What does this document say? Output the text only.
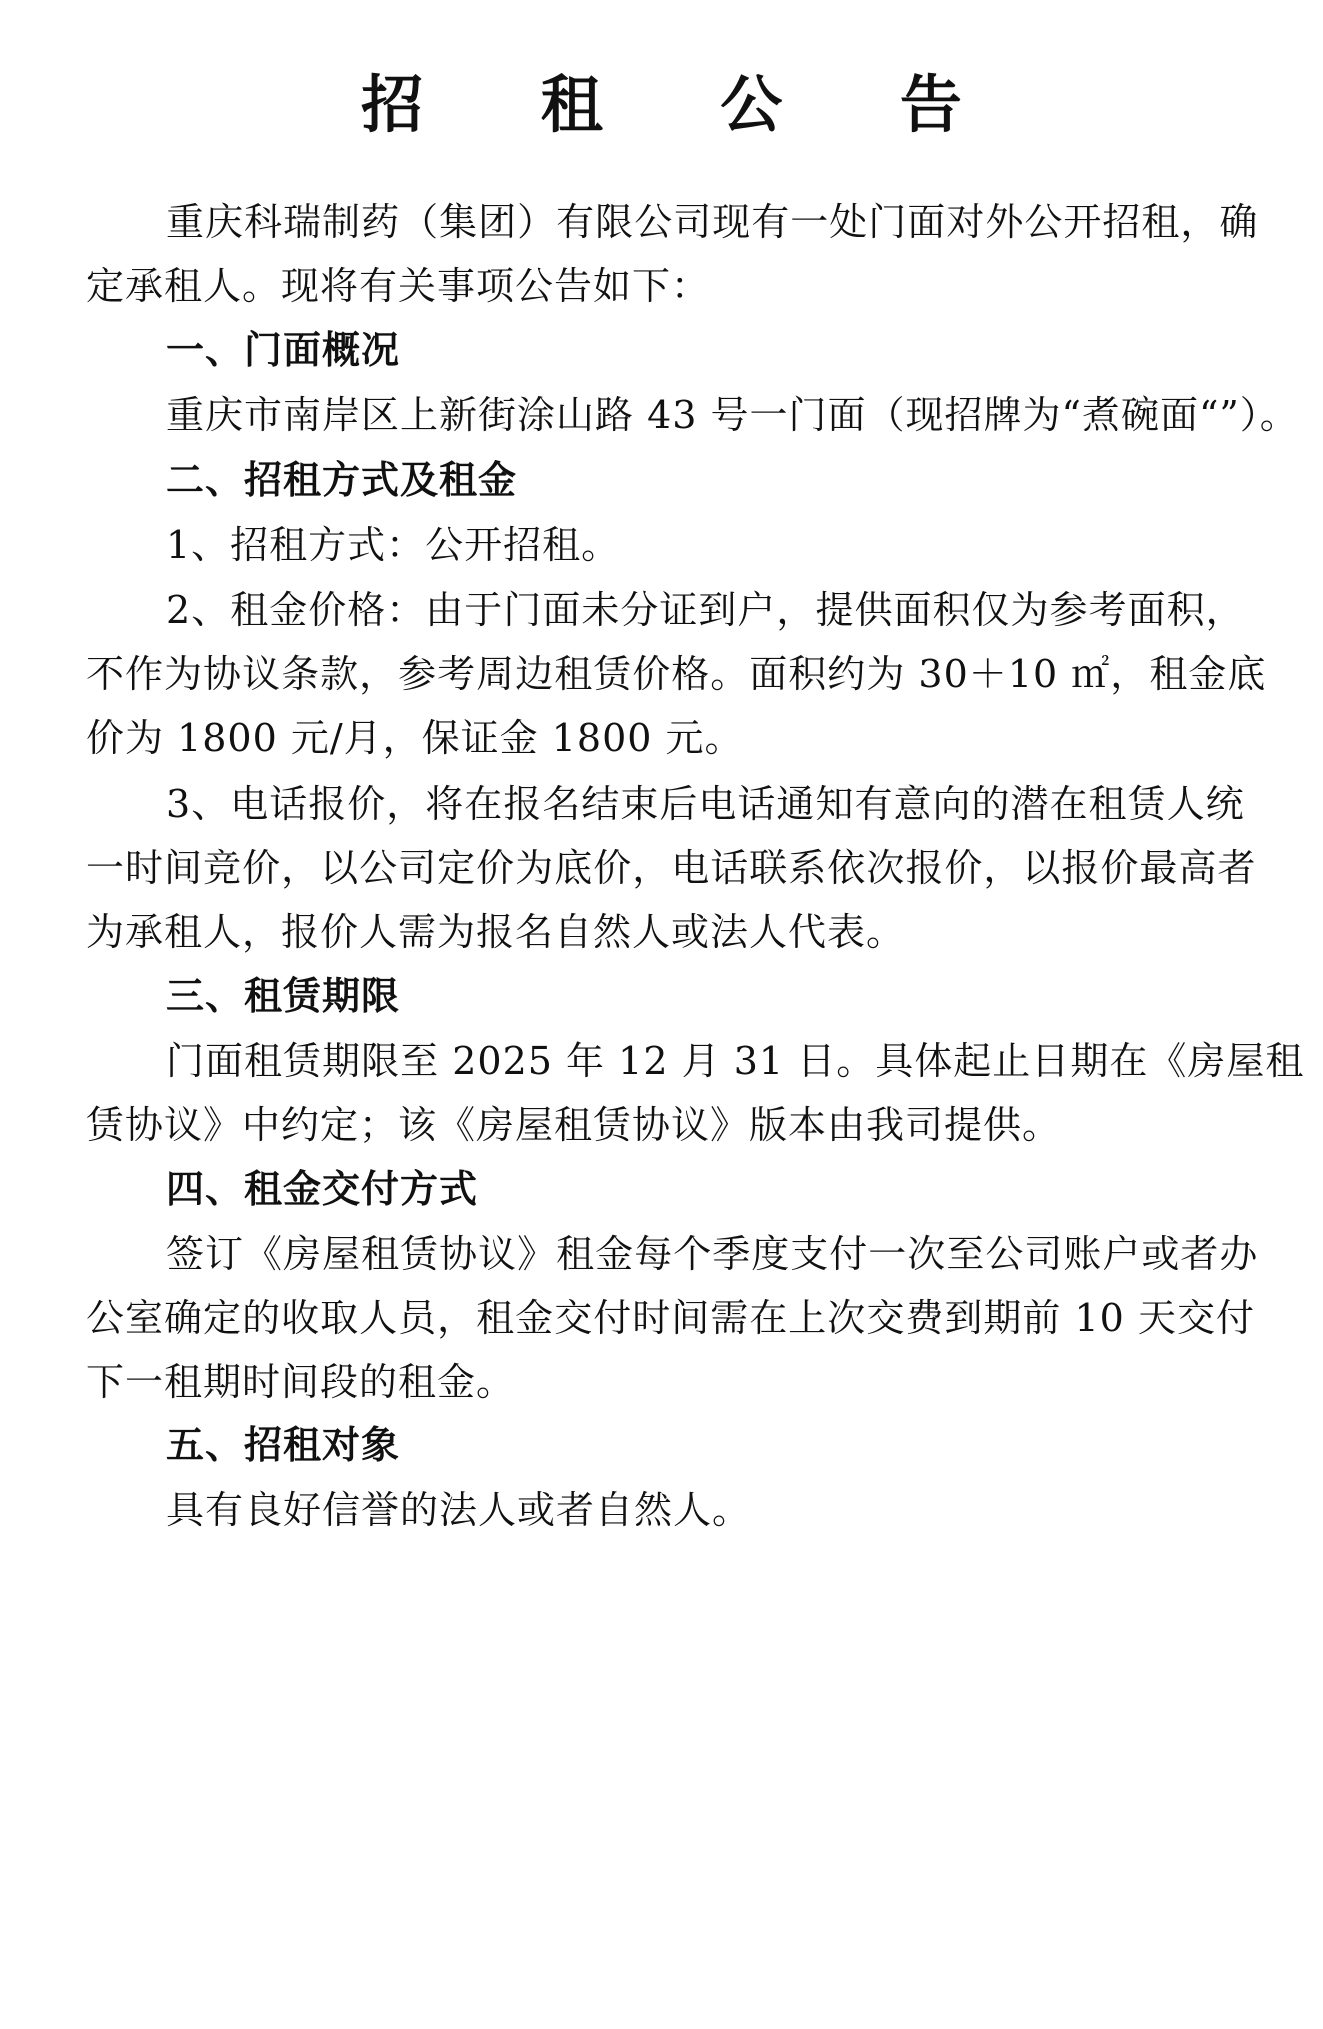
招 租 公 告
重 庆 科 瑞 制 药 （ 集 团 ） 有 限 公 司 现 有 一 处 门 面 对 外 公 开 招 租 ， 确
定承租人。现将有关事项公告如下：
一、门面概况
重庆市南岸区上新街涂山路 43 号一门面（现招牌为“煮碗面“”）。
二、招租方式及租金
1、招租方式：公开招租。
2 、 租 金 价 格 ： 由 于 门 面 未 分 证 到 户 ， 提 供 面 积 仅 为 参 考 面 积 ，
不 作 为 协 议 条 款 ， 参 考 周 边 租 赁 价 格 。 面 积 约 为
3 0 ＋ 1 0
㎡ ， 租 金 底
价为 1800 元/月，保证金 1800 元。
3 、 电 话 报 价 ， 将 在 报 名 结 束 后 电 话 通 知 有 意 向 的 潜 在 租 赁 人 统
一 时 间 竞 价 ， 以 公 司 定 价 为 底 价 ， 电 话 联 系 依 次 报 价 ， 以 报 价 最 高 者
为承租人，报价人需为报名自然人或法人代表。
三、租赁期限
门 面 租 赁 期 限 至
2 0 2 5
年
1 2
月
3 1
日 。 具 体 起 止 日 期 在 《 房 屋 租
赁协议》中约定；该《房屋租赁协议》版本由我司提供。
四、租金交付方式
签 订 《 房 屋 租 赁 协 议 》 租 金 每 个 季 度 支 付 一 次 至 公 司 账 户 或 者 办
公 室 确 定 的 收 取 人 员 ， 租 金 交 付 时 间 需 在 上 次 交 费 到 期 前
1 0
天 交 付
下一租期时间段的租金。
五、招租对象
具有良好信誉的法人或者自然人。
